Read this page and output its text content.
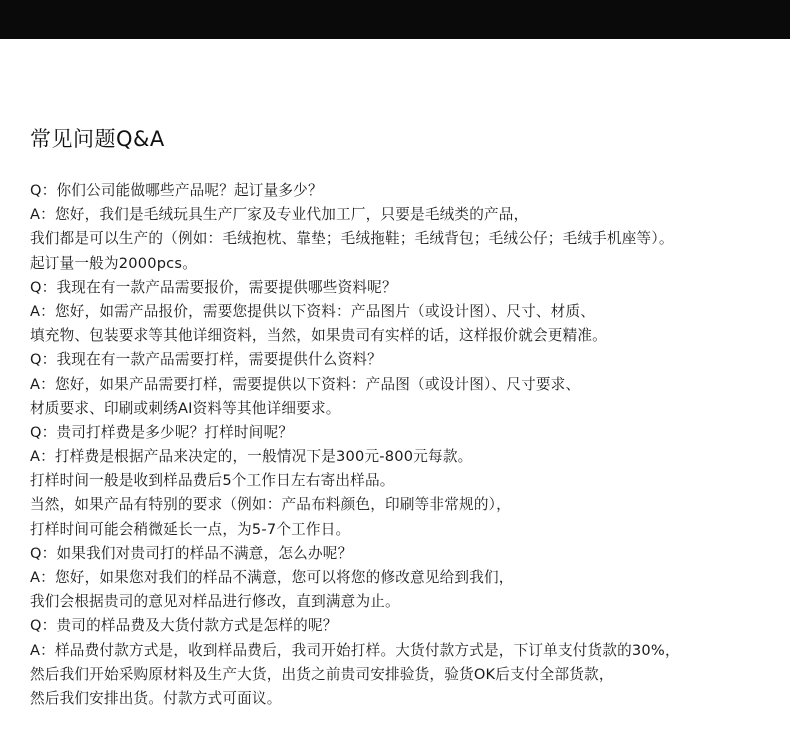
常见问题Q&A
Q：你们公司能做哪些产品呢？起订量多少？
A：您好，我们是毛绒玩具生产厂家及专业代加工厂，只要是毛绒类的产品，
我们都是可以生产的（例如：毛绒抱枕、靠垫；毛绒拖鞋；毛绒背包；毛绒公仔；毛绒手机座等）。
起订量一般为2000pcs。
Q：我现在有一款产品需要报价，需要提供哪些资料呢？
A：您好，如需产品报价，需要您提供以下资料：产品图片（或设计图）、尺寸、材质、
填充物、包装要求等其他详细资料，当然，如果贵司有实样的话，这样报价就会更精准。
Q：我现在有一款产品需要打样，需要提供什么资料？
A：您好，如果产品需要打样，需要提供以下资料：产品图（或设计图）、尺寸要求、
材质要求、印刷或刺绣AI资料等其他详细要求。
Q：贵司打样费是多少呢？打样时间呢？
A：打样费是根据产品来决定的，一般情况下是300元-800元每款。
打样时间一般是收到样品费后5个工作日左右寄出样品。
当然，如果产品有特别的要求（例如：产品布料颜色，印刷等非常规的），
打样时间可能会稍微延长一点，为5-7个工作日。
Q：如果我们对贵司打的样品不满意，怎么办呢？
A：您好，如果您对我们的样品不满意，您可以将您的修改意见给到我们，
我们会根据贵司的意见对样品进行修改，直到满意为止。
Q：贵司的样品费及大货付款方式是怎样的呢？
A：样品费付款方式是，收到样品费后，我司开始打样。大货付款方式是，下订单支付货款的30%，
然后我们开始采购原材料及生产大货，出货之前贵司安排验货，验货OK后支付全部货款，
然后我们安排出货。付款方式可面议。
